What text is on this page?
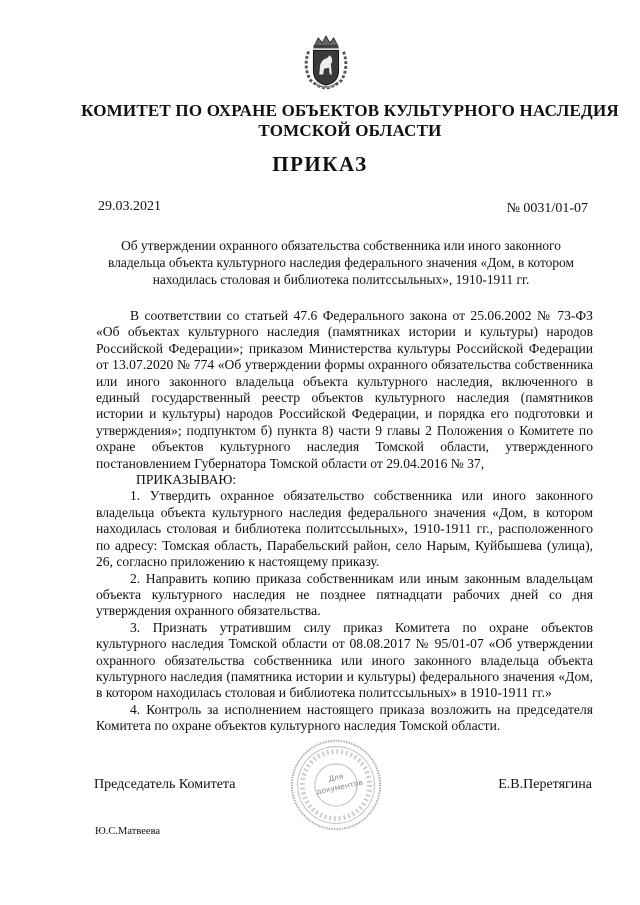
КОМИТЕТ ПО ОХРАНЕ ОБЪЕКТОВ КУЛЬТУРНОГО НАСЛЕДИЯ
ТОМСКОЙ ОБЛАСТИ
ПРИКАЗ
29.03.2021	№ 0031/01-07
Об утверждении охранного обязательства собственника или иного законного владельца объекта культурного наследия федерального значения «Дом, в котором находилась столовая и библиотека политссыльных», 1910-1911 гг.

В соответствии со статьей 47.6 Федерального закона от 25.06.2002 № 73-ФЗ «Об объектах культурного наследия (памятниках истории и культуры) народов Российской Федерации»; приказом Министерства культуры Российской Федерации от 13.07.2020 № 774 «Об утверждении формы охранного обязательства собственника или иного законного владельца объекта культурного наследия, включенного в единый государственный реестр объектов культурного наследия (памятников истории и культуры) народов Российской Федерации, и порядка его подготовки и утверждения»; подпунктом б) пункта 8) части 9 главы 2 Положения о Комитете по охране объектов культурного наследия Томской области, утвержденного постановлением Губернатора Томской области от 29.04.2016 № 37,

ПРИКАЗЫВАЮ:

1. Утвердить охранное обязательство собственника или иного законного владельца объекта культурного наследия федерального значения «Дом, в котором находилась столовая и библиотека политссыльных», 1910-1911 гг., расположенного по адресу: Томская область, Парабельский район, село Нарым, Куйбышева (улица), 26, согласно приложению к настоящему приказу.

2. Направить копию приказа собственникам или иным законным владельцам объекта культурного наследия не позднее пятнадцати рабочих дней со дня утверждения охранного обязательства.

3. Признать утратившим силу приказ Комитета по охране объектов культурного наследия Томской области от 08.08.2017 № 95/01-07 «Об утверждении охранного обязательства собственника или иного законного владельца объекта культурного наследия (памятника истории и культуры) федерального значения «Дом, в котором находилась столовая и библиотека политссыльных» в 1910-1911 гг.»

4. Контроль за исполнением настоящего приказа возложить на председателя Комитета по охране объектов культурного наследия Томской области.

Председатель Комитета	Е.В.Перетягина
Для документов
Ю.С.Матвеева
